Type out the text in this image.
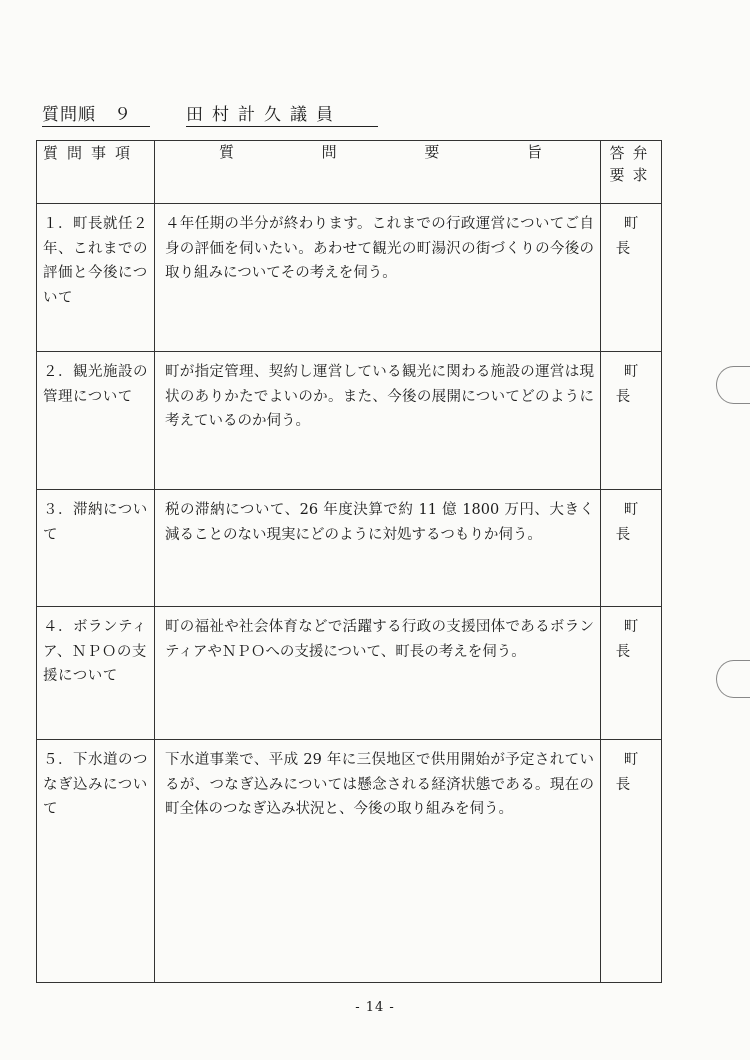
質問順　９	田村計久議員
質問事項	質 問 要 旨	答弁要求
１．町長就任２年、これまでの評価と今後について	４年任期の半分が終わります。これまでの行政運営についてご自身の評価を伺いたい。あわせて観光の町湯沢の街づくりの今後の取り組みについてその考えを伺う。	町長
２．観光施設の管理について	町が指定管理、契約し運営している観光に関わる施設の運営は現状のありかたでよいのか。また、今後の展開についてどのように考えているのか伺う。	町長
３．滞納について	税の滞納について、26 年度決算で約 11 億 1800 万円、大きく減ることのない現実にどのように対処するつもりか伺う。	町長
４．ボランティア、ＮＰＯの支援について	町の福祉や社会体育などで活躍する行政の支援団体であるボランティアやＮＰＯへの支援について、町長の考えを伺う。	町長
５．下水道のつなぎ込みについて	下水道事業で、平成 29 年に三俣地区で供用開始が予定されているが、つなぎ込みについては懸念される経済状態である。現在の町全体のつなぎ込み状況と、今後の取り組みを伺う。	町長
- 14 -
